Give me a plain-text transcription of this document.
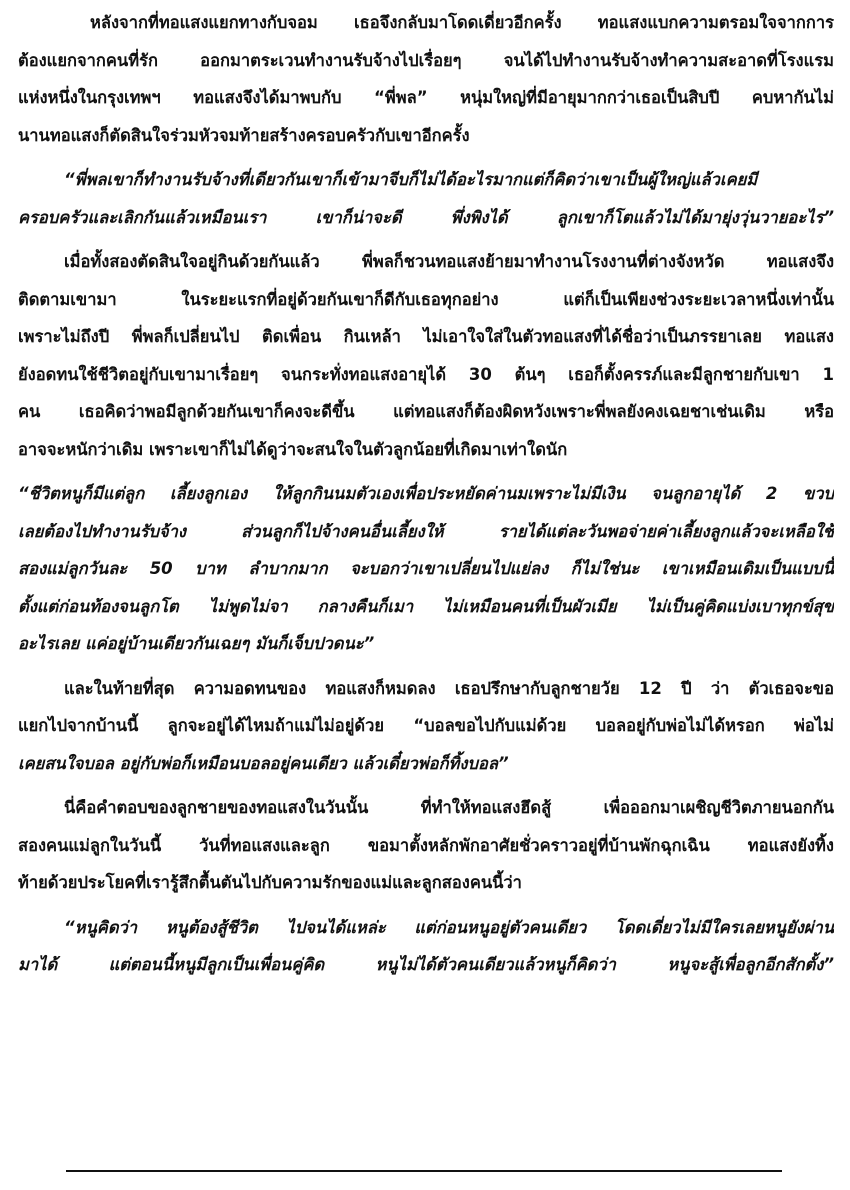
หลังจากที่ทอแสงแยกทางกับจอม เธอจึงกลับมาโดดเดี่ยวอีกครั้ง ทอแสงแบกความตรอมใจจากการ
ต้องแยกจากคนที่รัก ออกมาตระเวนทำงานรับจ้างไปเรื่อยๆ จนได้ไปทำงานรับจ้างทำความสะอาดที่โรงแรม
แห่งหนึ่งในกรุงเทพฯ ทอแสงจึงได้มาพบกับ “พี่พล” หนุ่มใหญ่ที่มีอายุมากกว่าเธอเป็นสิบปี คบหากันไม่
นานทอแสงก็ตัดสินใจร่วมหัวจมท้ายสร้างครอบครัวกับเขาอีกครั้ง
“พี่พลเขาก็ทำงานรับจ้างที่เดียวกันเขาก็เข้ามาจีบก็ไม่ได้อะไรมากแต่ก็คิดว่าเขาเป็นผู้ใหญ่แล้วเคยมี
ครอบครัวและเลิกกันแล้วเหมือนเรา เขาก็น่าจะดี พึ่งพิงได้ ลูกเขาก็โตแล้วไม่ได้มายุ่งวุ่นวายอะไร”
เมื่อทั้งสองตัดสินใจอยู่กินด้วยกันแล้ว พี่พลก็ชวนทอแสงย้ายมาทำงานโรงงานที่ต่างจังหวัด ทอแสงจึง
ติดตามเขามา ในระยะแรกที่อยู่ด้วยกันเขาก็ดีกับเธอทุกอย่าง แต่ก็เป็นเพียงช่วงระยะเวลาหนึ่งเท่านั้น
เพราะไม่ถึงปี พี่พลก็เปลี่ยนไป ติดเพื่อน กินเหล้า ไม่เอาใจใส่ในตัวทอแสงที่ได้ชื่อว่าเป็นภรรยาเลย ทอแสง
ยังอดทนใช้ชีวิตอยู่กับเขามาเรื่อยๆ จนกระทั่งทอแสงอายุได้ 30 ต้นๆ เธอก็ตั้งครรภ์และมีลูกชายกับเขา 1
คน เธอคิดว่าพอมีลูกด้วยกันเขาก็คงจะดีขึ้น แต่ทอแสงก็ต้องผิดหวังเพราะพี่พลยังคงเฉยชาเช่นเดิม หรือ
อาจจะหนักว่าเดิม เพราะเขาก็ไม่ได้ดูว่าจะสนใจในตัวลูกน้อยที่เกิดมาเท่าใดนัก
“ชีวิตหนูก็มีแต่ลูก เลี้ยงลูกเอง ให้ลูกกินนมตัวเองเพื่อประหยัดค่านมเพราะไม่มีเงิน จนลูกอายุได้ 2 ขวบ
เลยต้องไปทำงานรับจ้าง ส่วนลูกก็ไปจ้างคนอื่นเลี้ยงให้ รายได้แต่ละวันพอจ่ายค่าเลี้ยงลูกแล้วจะเหลือใช้
สองแม่ลูกวันละ 50 บาท ลำบากมาก จะบอกว่าเขาเปลี่ยนไปแย่ลง ก็ไม่ใช่นะ เขาเหมือนเดิมเป็นแบบนี้
ตั้งแต่ก่อนท้องจนลูกโต ไม่พูดไม่จา กลางคืนก็เมา ไม่เหมือนคนที่เป็นผัวเมีย ไม่เป็นคู่คิดแบ่งเบาทุกข์สุข
อะไรเลย แค่อยู่บ้านเดียวกันเฉยๆ มันก็เจ็บปวดนะ”
และในท้ายที่สุด ความอดทนของ ทอแสงก็หมดลง เธอปรึกษากับลูกชายวัย 12 ปี ว่า ตัวเธอจะขอ
แยกไปจากบ้านนี้ ลูกจะอยู่ได้ไหมถ้าแม่ไม่อยู่ด้วย “บอลขอไปกับแม่ด้วย บอลอยู่กับพ่อไม่ได้หรอก พ่อไม่
เคยสนใจบอล อยู่กับพ่อก็เหมือนบอลอยู่คนเดียว แล้วเดี๋ยวพ่อก็ทิ้งบอล”
นี่คือคำตอบของลูกชายของทอแสงในวันนั้น ที่ทำให้ทอแสงฮึดสู้ เพื่อออกมาเผชิญชีวิตภายนอกกัน
สองคนแม่ลูกในวันนี้ วันที่ทอแสงและลูก ขอมาตั้งหลักพักอาศัยชั่วคราวอยู่ที่บ้านพักฉุกเฉิน ทอแสงยังทิ้ง
ท้ายด้วยประโยคที่เรารู้สึกตื้นตันไปกับความรักของแม่และลูกสองคนนี้ว่า
“หนูคิดว่า หนูต้องสู้ชีวิต ไปจนได้แหล่ะ แต่ก่อนหนูอยู่ตัวคนเดียว โดดเดี่ยวไม่มีใครเลยหนูยังผ่าน
มาได้ แต่ตอนนี้หนูมีลูกเป็นเพื่อนคู่คิด หนูไม่ได้ตัวคนเดียวแล้วหนูก็คิดว่า หนูจะสู้เพื่อลูกอีกสักตั้ง”
